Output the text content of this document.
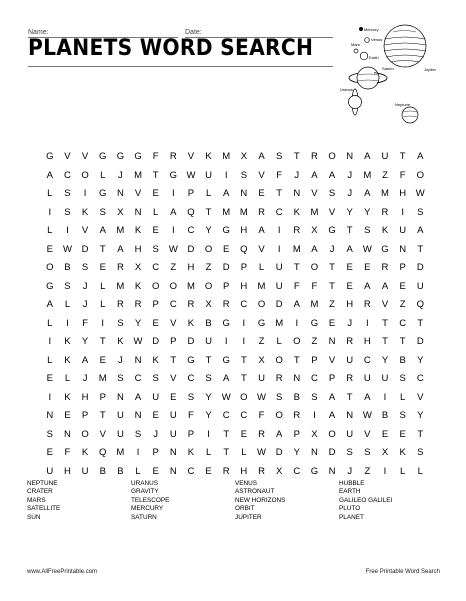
Name:	Date:
PLANETS WORD SEARCH
Mercury
Venus
Earth
Mars
Jupiter
Saturn
Uranus
Neptune
G	V	V	G	G	G	F	R	V	K	M	X	A	S	T	R	O	N	A	U	T	A
A	C	O	L	J	M	T	G W	U	I	S	V	F	J	A	A	J	M	Z	F	O
L	S	I	G	N	V	E	I	P	L	A	N	E	T	N	V	S	J	A	M	H	W
I	S	K	S	X	N	L	A	Q	T	M	M	R	C	K	M	V	Y	Y	R	I	S
L	I	V	A	M	K	E	I	C	Y	G	H	A	I	R	X	G	T	S	K	U	A
E	W	D	T	A	H	S	W	D	O	E	Q	V	I	M	A	J	A	W G	N	T
O	B	S	E	R	X	C	Z	H	Z	D	P	L	U	T	O	T	E	E	R	P	D
G	S	J	L	M	K	O	O	M	O	P	H	M	U	F	F	T	E	A	A	E	U
A	L	J	L	R	R	P	C	R	X	R	C	O	D	A	M	Z	H	R	V	Z	Q
L	I	F	I	S	Y	E	V	K	B	G	I	G	M	I	G	E	J	I	T	C	T
I	K	Y	T	K	W	D	P	D	U	I	I	Z	L	O	Z	N	R	H	T	T	D
L	K	A	E	J	N	K	T	G	T	G	T	X	O	T	P	V	U	C	Y	B	Y
E	L	J	M	S	C	S	V	C	S	A	T	U	R	N	C	P	R	U	U	S	C
I	K	H	P	N	A	U	E	S	Y	W O W	S	B	S	A	T	A	I	L	V
N	E	P	T	U	N	E	U	F	Y	C	C	F	O	R	I	A	N	W	B	S	Y
S	N	O	V	U	S	J	U	P	I	T	E	R	A	P	X	O	U	V	E	E	T
E	F	K	Q	M	I	P	N	K	L	T	L	W	D	Y	N	D	S	S	X	K	S
U	H	U	B	B	L	E	N	C	E	R	H	R	X	C	G	N	J	Z	I	L	L
NEPTUNE	URANUS	VENUS	HUBBLE
CRATER	GRAVITY	ASTRONAUT	EARTH
MARS	TELESCOPE	NEW HORIZONS	GALILEO GALILEI
SATELLITE	MERCURY	ORBIT	PLUTO
SUN	SATURN	JUPITER	PLANET
www.AllFreePrintable.com	Free Printable Word Search
